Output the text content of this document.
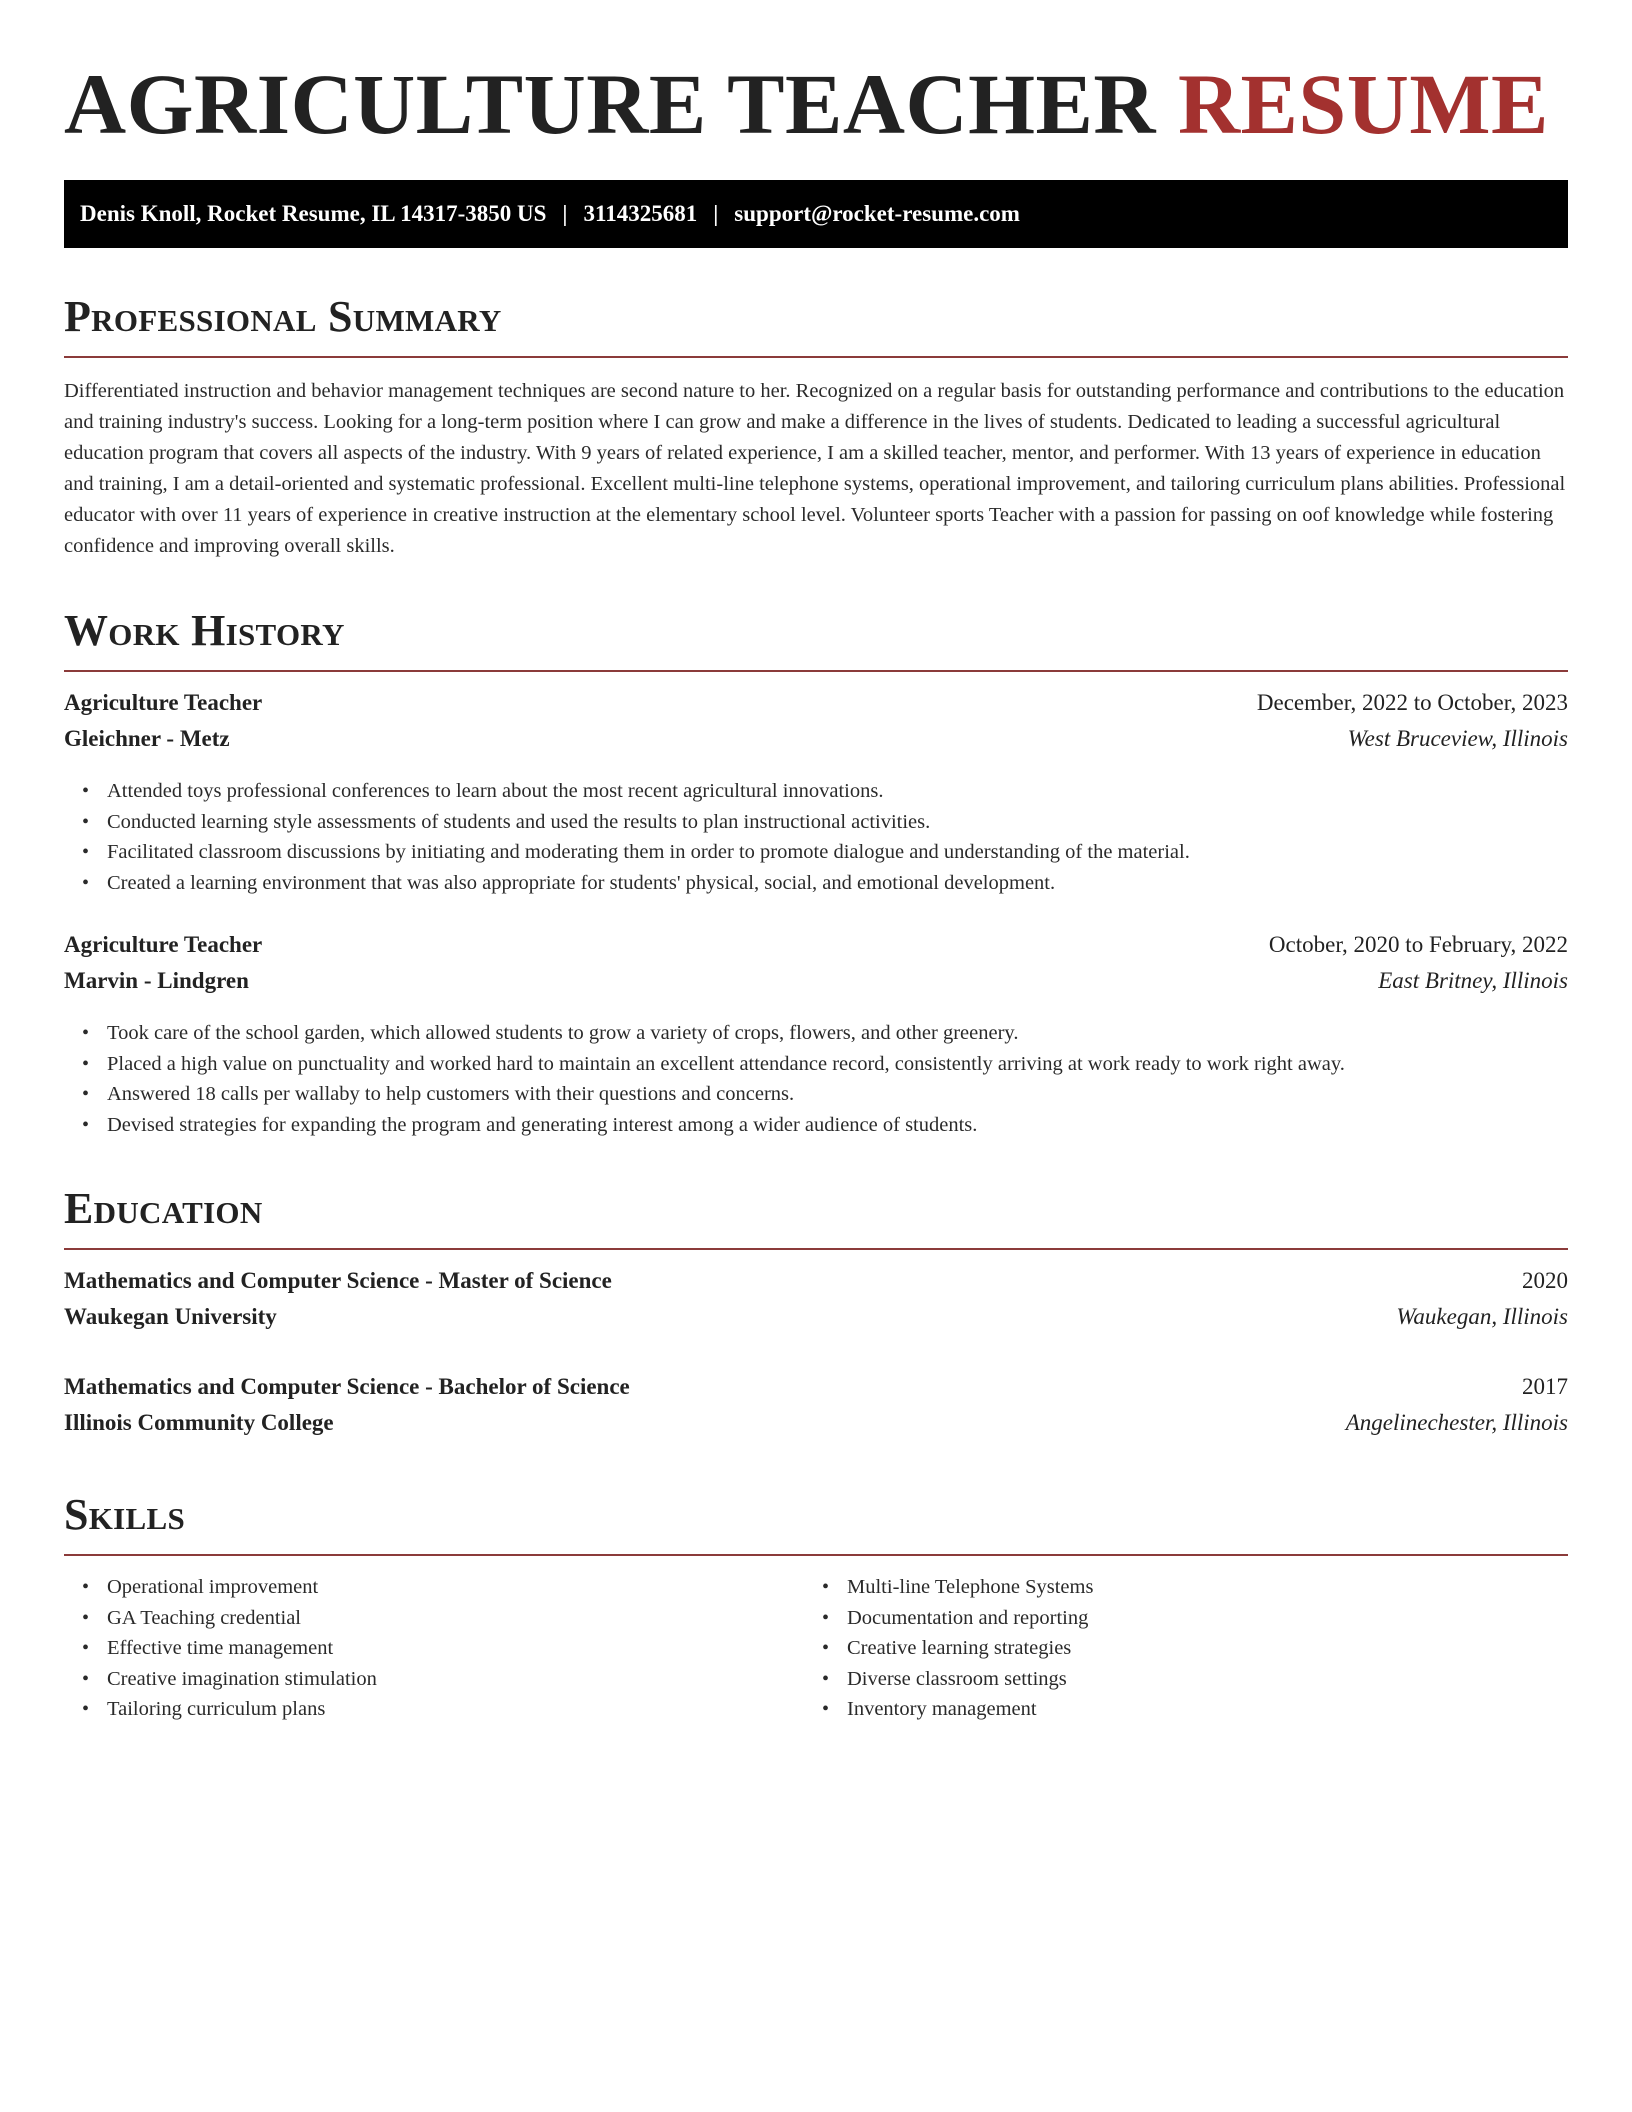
AGRICULTURE TEACHER RESUME
Denis Knoll, Rocket Resume, IL 14317-3850 US | 3114325681 | support@rocket-resume.com
Professional Summary
Differentiated instruction and behavior management techniques are second nature to her. Recognized on a regular basis for outstanding performance and contributions to the education and training industry's success. Looking for a long-term position where I can grow and make a difference in the lives of students. Dedicated to leading a successful agricultural education program that covers all aspects of the industry. With 9 years of related experience, I am a skilled teacher, mentor, and performer. With 13 years of experience in education and training, I am a detail-oriented and systematic professional. Excellent multi-line telephone systems, operational improvement, and tailoring curriculum plans abilities. Professional educator with over 11 years of experience in creative instruction at the elementary school level. Volunteer sports Teacher with a passion for passing on oof knowledge while fostering confidence and improving overall skills.
Work History
Agriculture Teacher	December, 2022 to October, 2023
Gleichner - Metz	West Bruceview, Illinois
• Attended toys professional conferences to learn about the most recent agricultural innovations.
• Conducted learning style assessments of students and used the results to plan instructional activities.
• Facilitated classroom discussions by initiating and moderating them in order to promote dialogue and understanding of the material.
• Created a learning environment that was also appropriate for students' physical, social, and emotional development.
Agriculture Teacher	October, 2020 to February, 2022
Marvin - Lindgren	East Britney, Illinois
• Took care of the school garden, which allowed students to grow a variety of crops, flowers, and other greenery.
• Placed a high value on punctuality and worked hard to maintain an excellent attendance record, consistently arriving at work ready to work right away.
• Answered 18 calls per wallaby to help customers with their questions and concerns.
• Devised strategies for expanding the program and generating interest among a wider audience of students.
Education
Mathematics and Computer Science - Master of Science	2020
Waukegan University	Waukegan, Illinois
Mathematics and Computer Science - Bachelor of Science	2017
Illinois Community College	Angelinechester, Illinois
Skills
• Operational improvement
• GA Teaching credential
• Effective time management
• Creative imagination stimulation
• Tailoring curriculum plans
• Multi-line Telephone Systems
• Documentation and reporting
• Creative learning strategies
• Diverse classroom settings
• Inventory management
